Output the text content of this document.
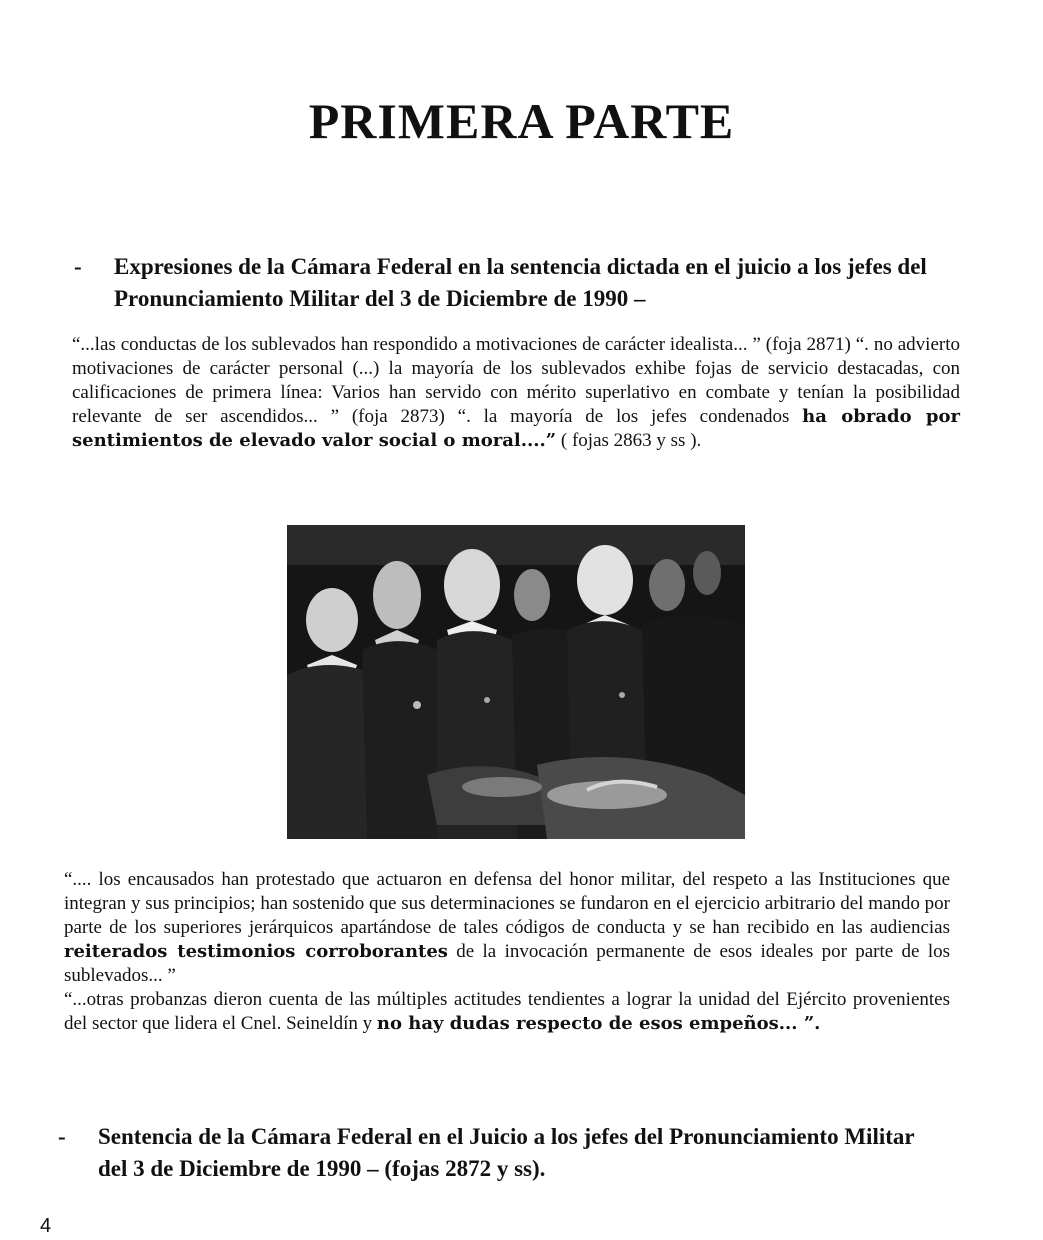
PRIMERA PARTE
- Expresiones de la Cámara Federal en la sentencia dictada en el juicio a los jefes del Pronunciamiento Militar del 3 de Diciembre de 1990 –

“...las conductas de los sublevados han respondido a motivaciones de carácter idealista... ” (foja 2871) “. no advierto motivaciones de carácter personal (...) la mayoría de los sublevados exhibe fojas de servicio destacadas, con calificaciones de primera línea: Varios han servido con mérito superlativo en combate y tenían la posibilidad relevante de ser ascendidos... ” (foja 2873) “. la mayoría de los jefes condenados ha obrado por sentimientos de elevado valor social o moral....” ( fojas 2863 y ss ).

“.... los encausados han protestado que actuaron en defensa del honor militar, del respeto a las Instituciones que integran y sus principios; han sostenido que sus determinaciones se fundaron en el ejercicio arbitrario del mando por parte de los superiores jerárquicos apartándose de tales códigos de conducta y se han recibido en las audiencias reiterados testimonios corroborantes de la invocación permanente de esos ideales por parte de los sublevados... ”

“...otras probanzas dieron cuenta de las múltiples actitudes tendientes a lograr la unidad del Ejército provenientes del sector que lidera el Cnel. Seineldín y no hay dudas respecto de esos empeños... ”.

- Sentencia de la Cámara Federal en el Juicio a los jefes del Pronunciamiento Militar del 3 de Diciembre de 1990 – (fojas 2872 y ss).
4
